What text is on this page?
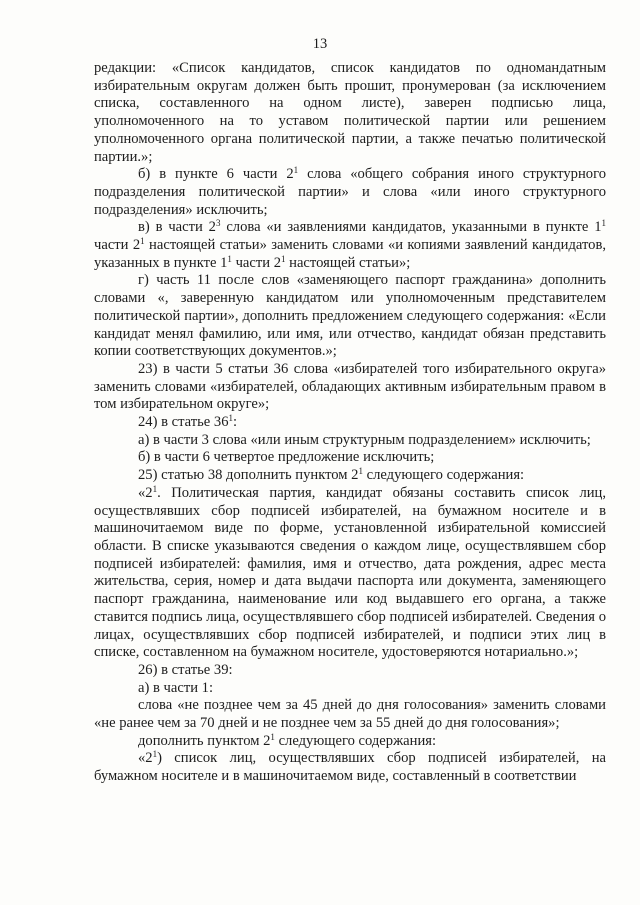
13

редакции: «Список кандидатов, список кандидатов по одномандатным избирательным округам должен быть прошит, пронумерован (за исключением списка, составленного на одном листе), заверен подписью лица, уполномоченного на то уставом политической партии или решением уполномоченного органа политической партии, а также печатью политической партии.»;

б) в пункте 6 части $2^1$ слова «общего собрания иного структурного подразделения политической партии» и слова «или иного структурного подразделения» исключить;

в) в части $2^3$ слова «и заявлениями кандидатов, указанными в пункте $1^1$ части $2^1$ настоящей статьи» заменить словами «и копиями заявлений кандидатов, указанных в пункте $1^1$ части $2^1$ настоящей статьи»;

г) часть 11 после слов «заменяющего паспорт гражданина» дополнить словами «, заверенную кандидатом или уполномоченным представителем политической партии», дополнить предложением следующего содержания: «Если кандидат менял фамилию, или имя, или отчество, кандидат обязан представить копии соответствующих документов.»;

23) в части 5 статьи 36 слова «избирателей того избирательного округа» заменить словами «избирателей, обладающих активным избирательным правом в том избирательном округе»;

24) в статье $36^1$:

а) в части 3 слова «или иным структурным подразделением» исключить;

б) в части 6 четвертое предложение исключить;

25) статью 38 дополнить пунктом $2^1$ следующего содержания:

«$2^1$. Политическая партия, кандидат обязаны составить список лиц, осуществлявших сбор подписей избирателей, на бумажном носителе и в машиночитаемом виде по форме, установленной избирательной комиссией области. В списке указываются сведения о каждом лице, осуществлявшем сбор подписей избирателей: фамилия, имя и отчество, дата рождения, адрес места жительства, серия, номер и дата выдачи паспорта или документа, заменяющего паспорт гражданина, наименование или код выдавшего его органа, а также ставится подпись лица, осуществлявшего сбор подписей избирателей. Сведения о лицах, осуществлявших сбор подписей избирателей, и подписи этих лиц в списке, составленном на бумажном носителе, удостоверяются нотариально.»;

26) в статье 39:

а) в части 1:

слова «не позднее чем за 45 дней до дня голосования» заменить словами «не ранее чем за 70 дней и не позднее чем за 55 дней до дня голосования»;

дополнить пунктом $2^1$ следующего содержания:

«$2^1$) список лиц, осуществлявших сбор подписей избирателей, на бумажном носителе и в машиночитаемом виде, составленный в соответствии
